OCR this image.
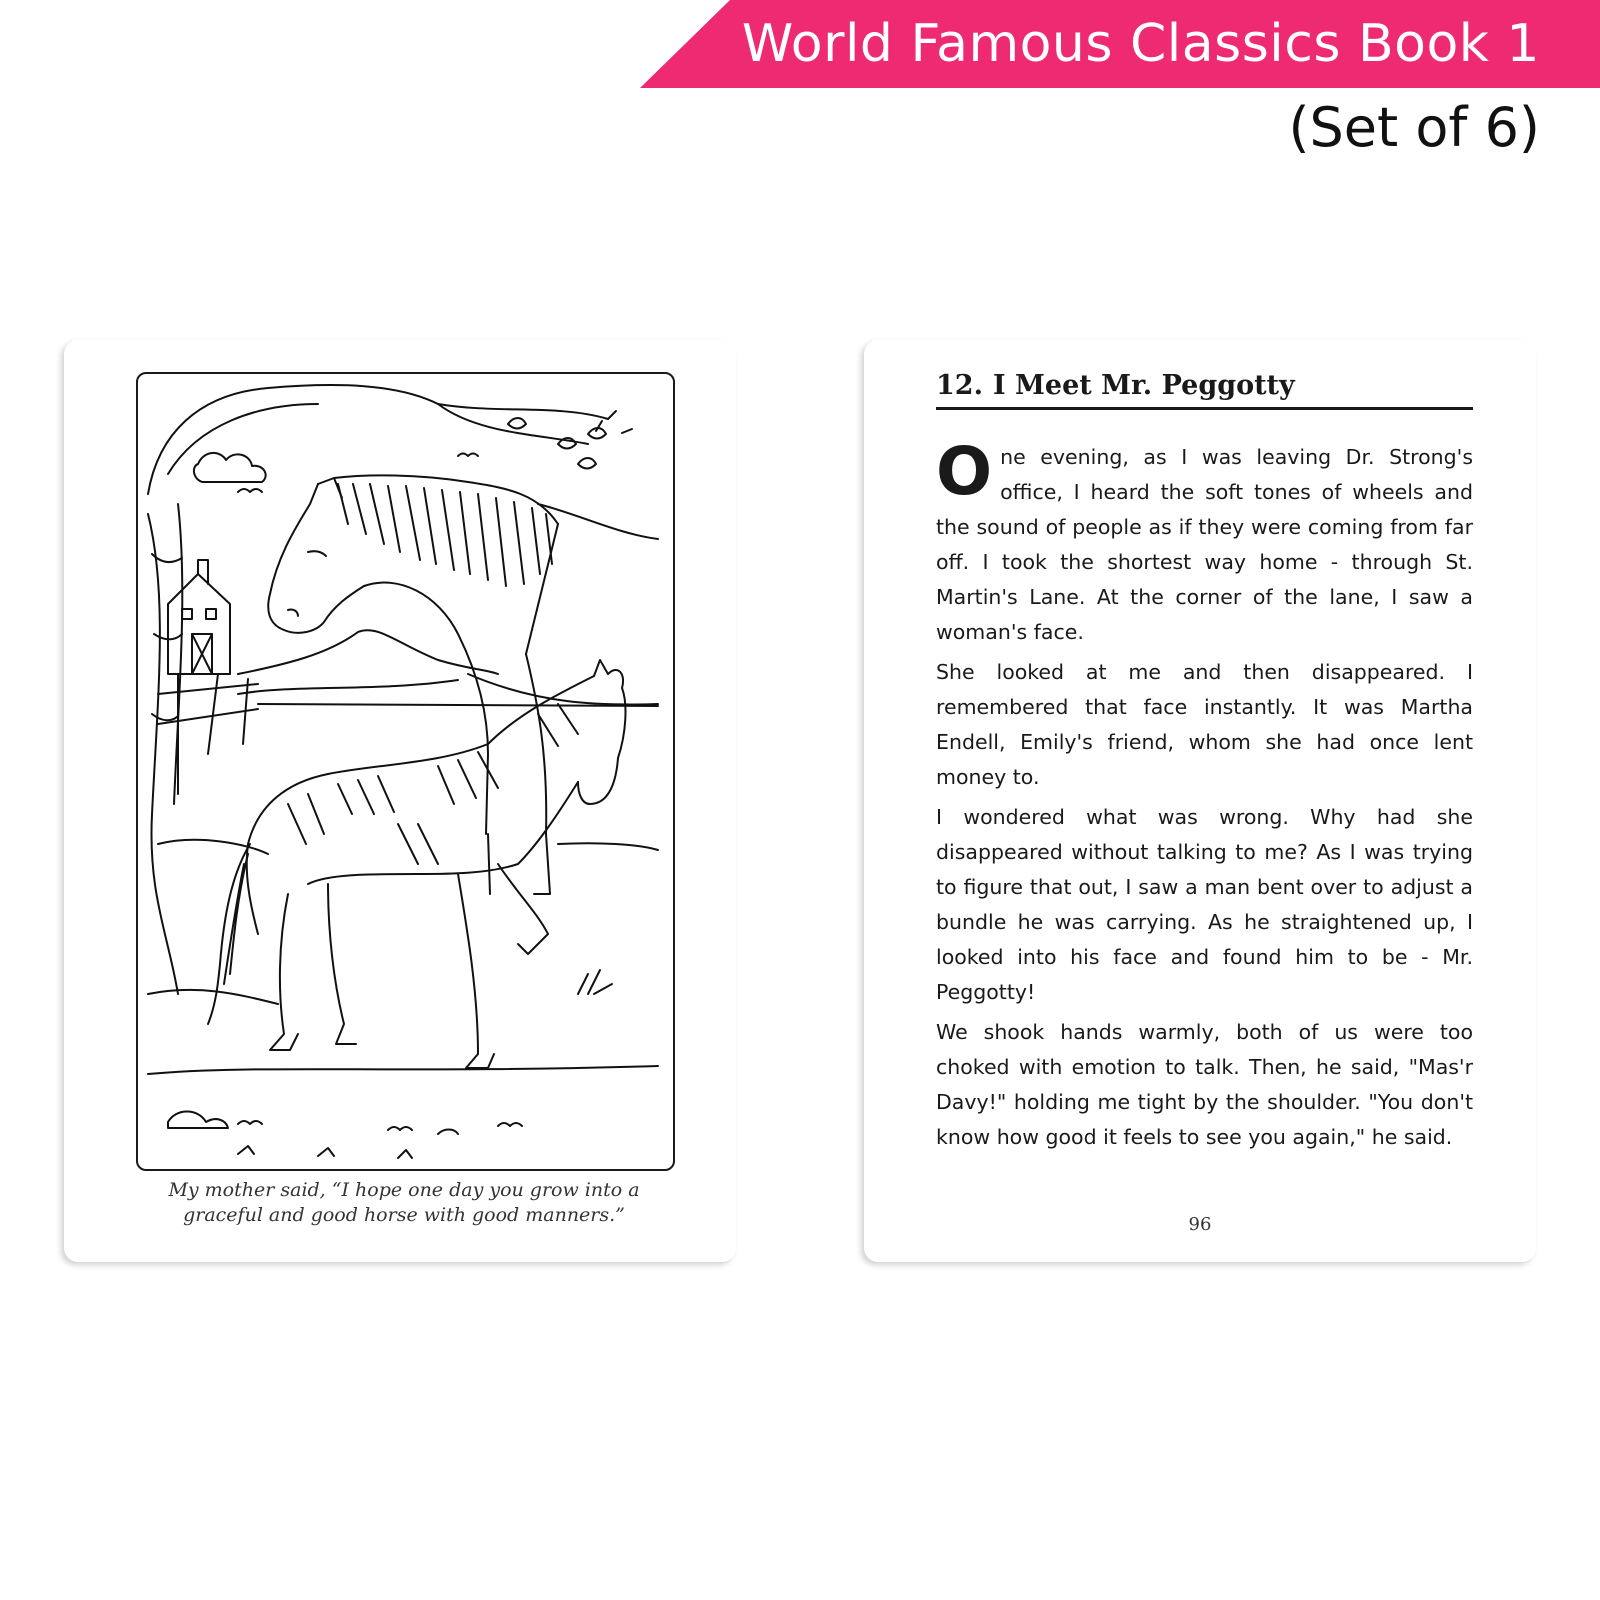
World Famous Classics Book 1
(Set of 6)
My mother said, “I hope one day you grow into a
graceful and good horse with good manners.”
12. I Meet Mr. Peggotty

One evening, as I was leaving Dr. Strong's office, I heard the soft tones of wheels and the sound of people as if they were coming from far off. I took the shortest way home - through St. Martin's Lane. At the corner of the lane, I saw a woman's face.

She looked at me and then disappeared. I remembered that face instantly. It was Martha Endell, Emily's friend, whom she had once lent money to.

I wondered what was wrong. Why had she disappeared without talking to me? As I was trying to figure that out, I saw a man bent over to adjust a bundle he was carrying. As he straightened up, I looked into his face and found him to be - Mr. Peggotty!

We shook hands warmly, both of us were too choked with emotion to talk. Then, he said, "Mas'r Davy!" holding me tight by the shoulder. "You don't know how good it feels to see you again," he said.

96
